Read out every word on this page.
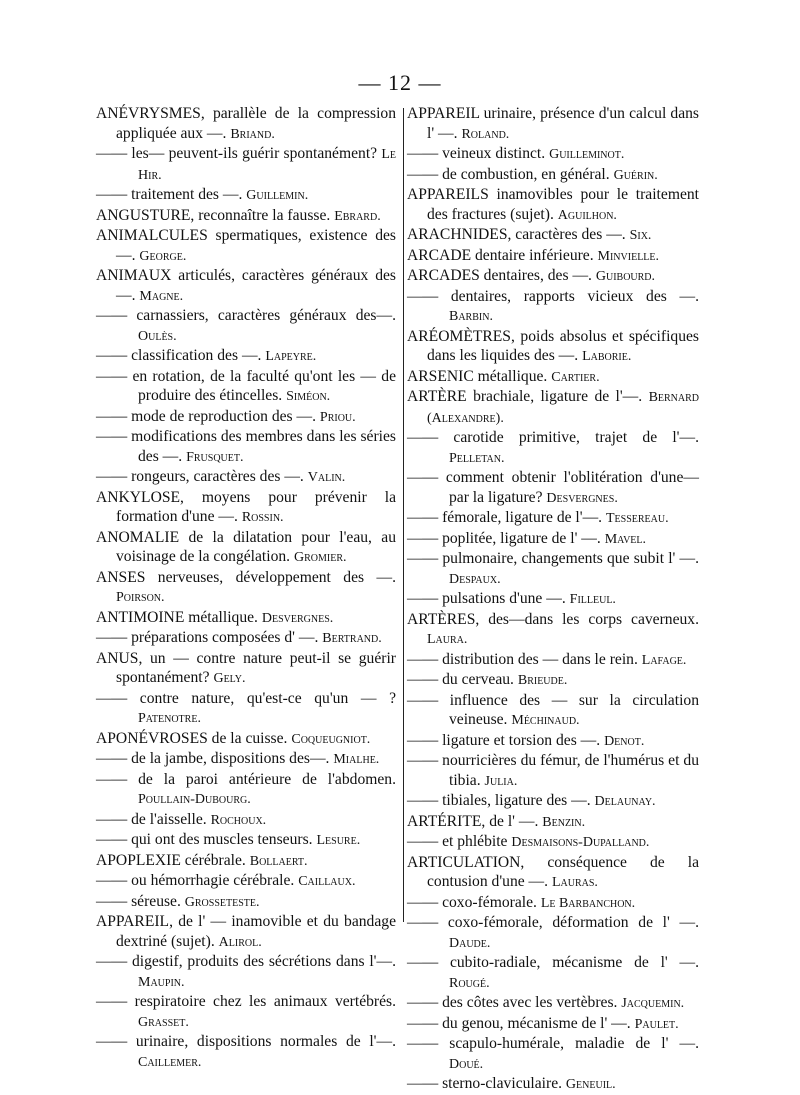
— 12 —
ANÉVRYSMES, parallèle de la compression appliquée aux —. Briand.
—— les— peuvent-ils guérir spontanément? Le Hir.
—— traitement des —. Guillemin.
ANGUSTURE, reconnaître la fausse. Ebrard.
ANIMALCULES spermatiques, existence des —. George.
ANIMAUX articulés, caractères généraux des —. Magne.
—— carnassiers, caractères généraux des—. Oulès.
—— classification des —. Lapeyre.
—— en rotation, de la faculté qu'ont les — de produire des étincelles. Siméon.
—— mode de reproduction des —. Priou.
—— modifications des membres dans les séries des —. Frusquet.
—— rongeurs, caractères des —. Valin.
ANKYLOSE, moyens pour prévenir la formation d'une —. Rossin.
ANOMALIE de la dilatation pour l'eau, au voisinage de la congélation. Gromier.
ANSES nerveuses, développement des —. Poirson.
ANTIMOINE métallique. Desvergnes.
—— préparations composées d' —. Bertrand.
ANUS, un — contre nature peut-il se guérir spontanément? Gely.
—— contre nature, qu'est-ce qu'un — ? Patenotre.
APONÉVROSES de la cuisse. Coqueugniot.
—— de la jambe, dispositions des—. Mialhe.
—— de la paroi antérieure de l'abdomen. Poullain-Dubourg.
—— de l'aisselle. Rochoux.
—— qui ont des muscles tenseurs. Lesure.
APOPLEXIE cérébrale. Bollaert.
—— ou hémorrhagie cérébrale. Caillaux.
—— séreuse. Grosseteste.
APPAREIL, de l' — inamovible et du bandage dextriné (sujet). Alirol.
—— digestif, produits des sécrétions dans l'—. Maupin.
—— respiratoire chez les animaux vertébrés. Grasset.
—— urinaire, dispositions normales de l'—. Caillemer.
APPAREIL urinaire, présence d'un calcul dans l' —. Roland.
—— veineux distinct. Guilleminot.
—— de combustion, en général. Guérin.
APPAREILS inamovibles pour le traitement des fractures (sujet). Aguilhon.
ARACHNIDES, caractères des —. Six.
ARCADE dentaire inférieure. Minvielle.
ARCADES dentaires, des —. Guibourd.
—— dentaires, rapports vicieux des —. Barbin.
ARÉOMÈTRES, poids absolus et spécifiques dans les liquides des —. Laborie.
ARSENIC métallique. Cartier.
ARTÈRE brachiale, ligature de l'—. Bernard (Alexandre).
—— carotide primitive, trajet de l'—. Pelletan.
—— comment obtenir l'oblitération d'une— par la ligature? Desvergnes.
—— fémorale, ligature de l'—. Tessereau.
—— poplitée, ligature de l' —. Mavel.
—— pulmonaire, changements que subit l' —. Despaux.
—— pulsations d'une —. Filleul.
ARTÈRES, des—dans les corps caverneux. Laura.
—— distribution des — dans le rein. Lafage.
—— du cerveau. Brieude.
—— influence des — sur la circulation veineuse. Méchinaud.
—— ligature et torsion des —. Denot.
—— nourricières du fémur, de l'humérus et du tibia. Julia.
—— tibiales, ligature des —. Delaunay.
ARTÉRITE, de l' —. Benzin.
—— et phlébite Desmaisons-Dupalland.
ARTICULATION, conséquence de la contusion d'une —. Lauras.
—— coxo-fémorale. Le Barbanchon.
—— coxo-fémorale, déformation de l' —. Daude.
—— cubito-radiale, mécanisme de l' —. Rougé.
—— des côtes avec les vertèbres. Jacquemin.
—— du genou, mécanisme de l' —. Paulet.
—— scapulo-humérale, maladie de l' —. Doué.
—— sterno-claviculaire. Geneuil.
